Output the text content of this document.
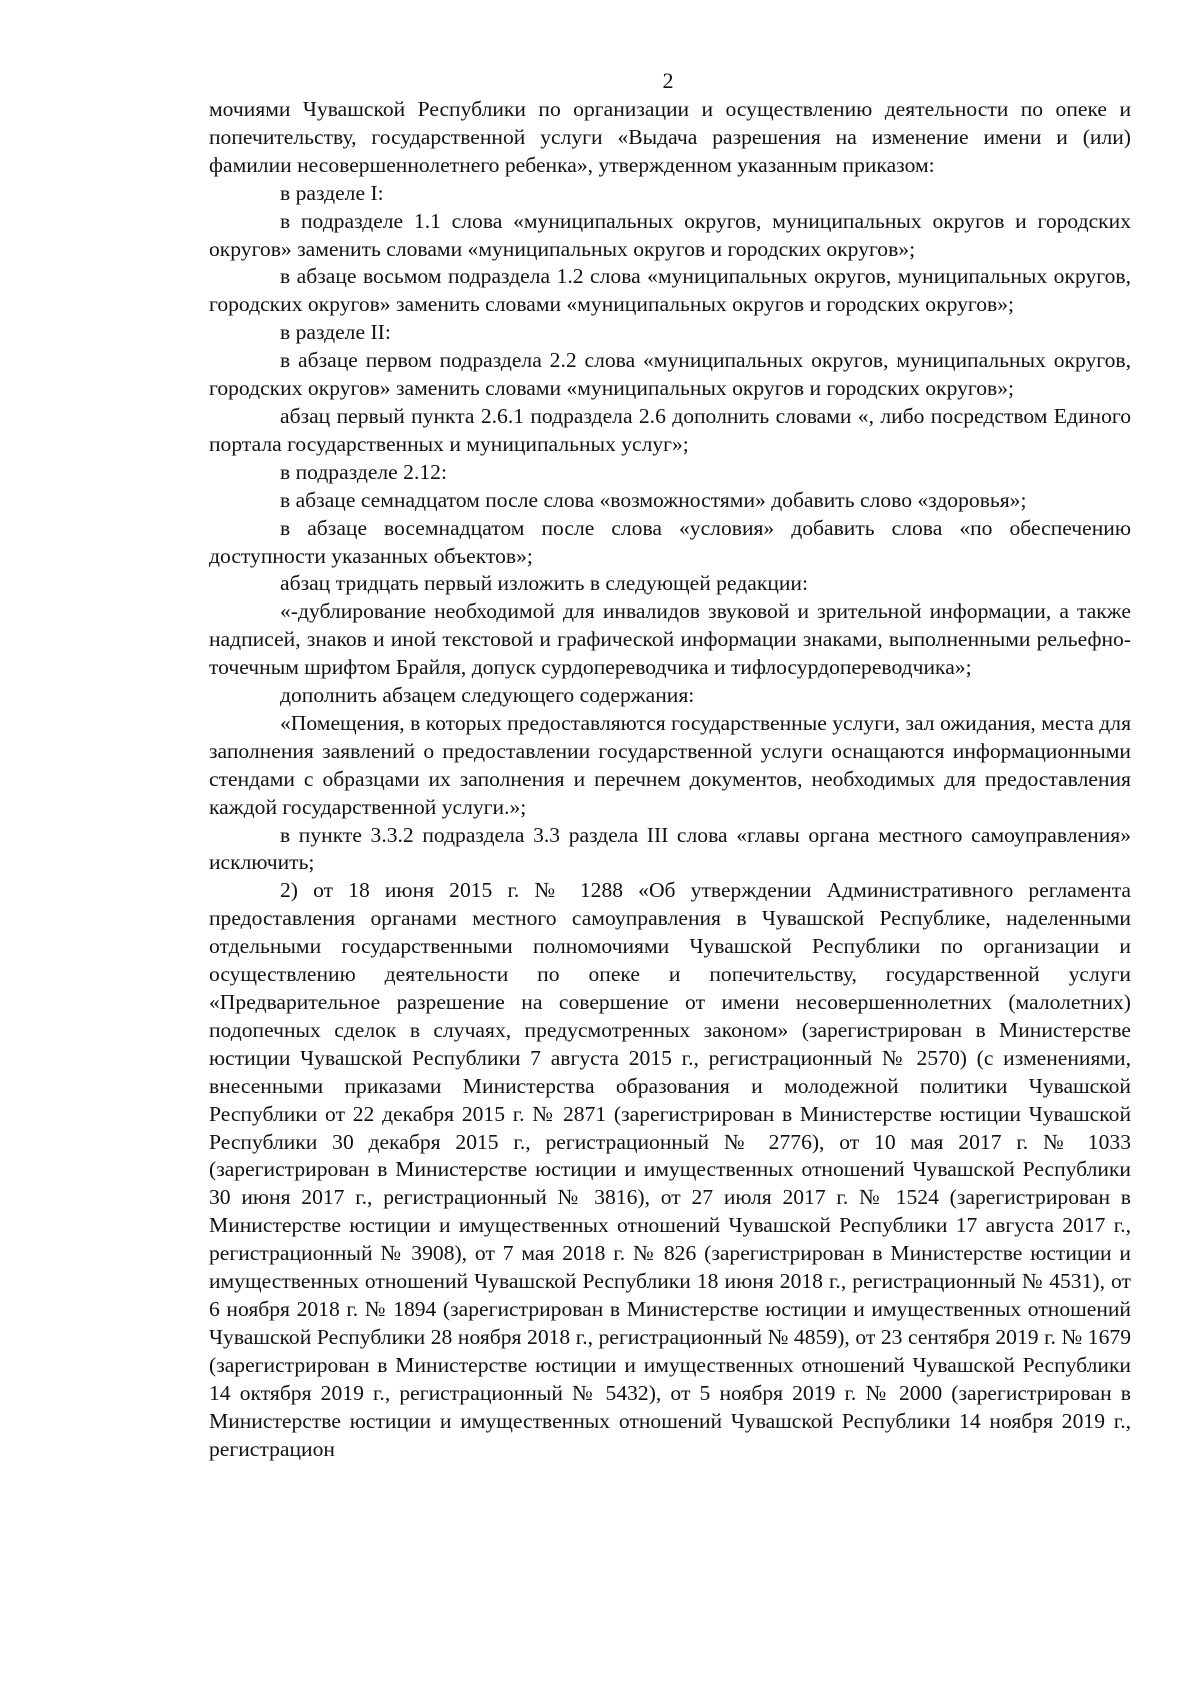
2

мочиями Чувашской Республики по организации и осуществлению деятельности по опеке и попечительству, государственной услуги «Выдача разрешения на изменение имени и (или) фамилии несовершеннолетнего ребенка», утвержденном указанным приказом:

в разделе I:

в подразделе 1.1 слова «муниципальных округов, муниципальных округов и городских округов» заменить словами «муниципальных округов и городских округов»;

в абзаце восьмом подраздела 1.2 слова «муниципальных округов, муниципальных округов, городских округов» заменить словами «муниципальных округов и городских округов»;

в разделе II:

в абзаце первом подраздела 2.2 слова «муниципальных округов, муниципальных округов, городских округов» заменить словами «муниципальных округов и городских округов»;

абзац первый пункта 2.6.1 подраздела 2.6 дополнить словами «, либо посредством Единого портала государственных и муниципальных услуг»;

в подразделе 2.12:

в абзаце семнадцатом после слова «возможностями» добавить слово «здоровья»;

в абзаце восемнадцатом после слова «условия» добавить слова «по обеспечению доступности указанных объектов»;

абзац тридцать первый изложить в следующей редакции:

«-дублирование необходимой для инвалидов звуковой и зрительной информации, а также надписей, знаков и иной текстовой и графической информации знаками, выполненными рельефно-точечным шрифтом Брайля, допуск сурдопереводчика и тифлосурдопереводчика»;

дополнить абзацем следующего содержания:

«Помещения, в которых предоставляются государственные услуги, зал ожидания, места для заполнения заявлений о предоставлении государственной услуги оснащаются информационными стендами с образцами их заполнения и перечнем документов, необходимых для предоставления каждой государственной услуги.»;

в пункте 3.3.2 подраздела 3.3 раздела III слова «главы органа местного самоуправления» исключить;

2) от 18 июня 2015 г. № 1288 «Об утверждении Административного регламента предоставления органами местного самоуправления в Чувашской Республике, наделенными отдельными государственными полномочиями Чувашской Республики по организации и осуществлению деятельности по опеке и попечительству, государственной услуги «Предварительное разрешение на совершение от имени несовершеннолетних (малолетних) подопечных сделок в случаях, предусмотренных законом» (зарегистрирован в Министерстве юстиции Чувашской Республики 7 августа 2015 г., регистрационный № 2570) (с изменениями, внесенными приказами Министерства образования и молодежной политики Чувашской Республики от 22 декабря 2015 г. № 2871 (зарегистрирован в Министерстве юстиции Чувашской Республики 30 декабря 2015 г., регистрационный № 2776), от 10 мая 2017 г. № 1033 (зарегистрирован в Министерстве юстиции и имущественных отношений Чувашской Республики 30 июня 2017 г., регистрационный № 3816), от 27 июля 2017 г. № 1524 (зарегистрирован в Министерстве юстиции и имущественных отношений Чувашской Республики 17 августа 2017 г., регистрационный № 3908), от 7 мая 2018 г. № 826 (зарегистрирован в Министерстве юстиции и имущественных отношений Чувашской Республики 18 июня 2018 г., регистрационный № 4531), от 6 ноября 2018 г. № 1894 (зарегистрирован в Министерстве юстиции и имущественных отношений Чувашской Республики 28 ноября 2018 г., регистрационный № 4859), от 23 сентября 2019 г. № 1679 (зарегистрирован в Министерстве юстиции и имущественных отношений Чувашской Республики 14 октября 2019 г., регистрационный № 5432), от 5 ноября 2019 г. № 2000 (зарегистрирован в Министерстве юстиции и имущественных отношений Чувашской Республики 14 ноября 2019 г., регистрацион
